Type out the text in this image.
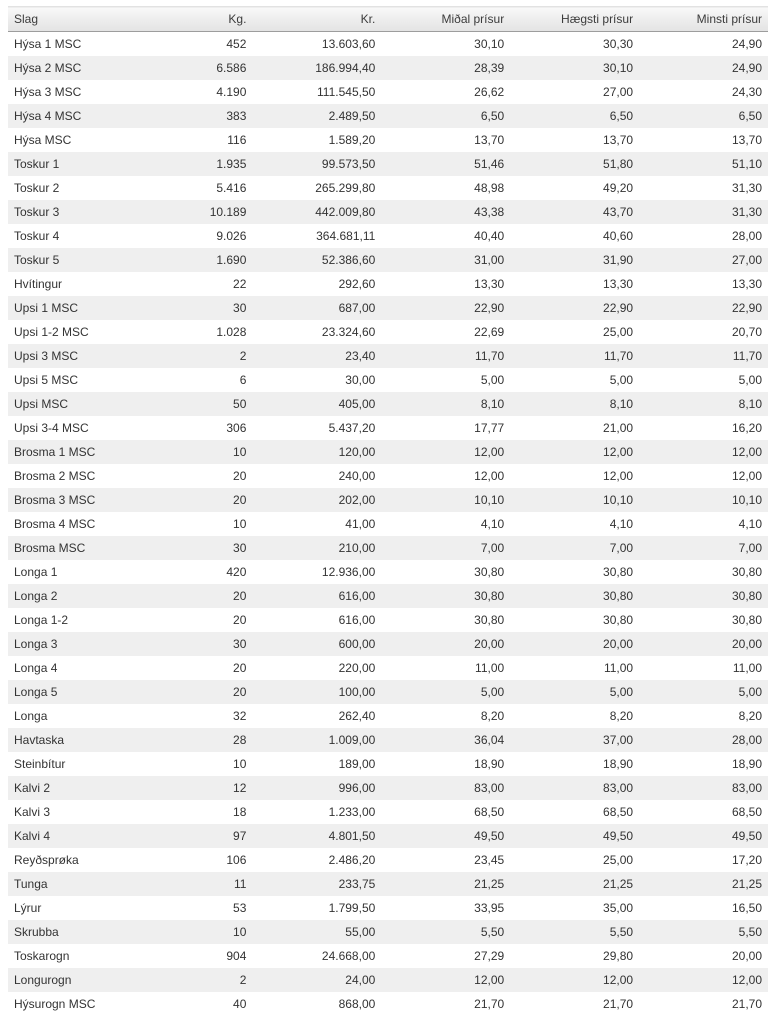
Slag	Kg.	Kr.	Miðal prísur	Hægsti prísur	Minsti prísur
Hýsa 1 MSC	452	13.603,60	30,10	30,30	24,90
Hýsa 2 MSC	6.586	186.994,40	28,39	30,10	24,90
Hýsa 3 MSC	4.190	111.545,50	26,62	27,00	24,30
Hýsa 4 MSC	383	2.489,50	6,50	6,50	6,50
Hýsa MSC	116	1.589,20	13,70	13,70	13,70
Toskur 1	1.935	99.573,50	51,46	51,80	51,10
Toskur 2	5.416	265.299,80	48,98	49,20	31,30
Toskur 3	10.189	442.009,80	43,38	43,70	31,30
Toskur 4	9.026	364.681,11	40,40	40,60	28,00
Toskur 5	1.690	52.386,60	31,00	31,90	27,00
Hvítingur	22	292,60	13,30	13,30	13,30
Upsi 1 MSC	30	687,00	22,90	22,90	22,90
Upsi 1-2 MSC	1.028	23.324,60	22,69	25,00	20,70
Upsi 3 MSC	2	23,40	11,70	11,70	11,70
Upsi 5 MSC	6	30,00	5,00	5,00	5,00
Upsi MSC	50	405,00	8,10	8,10	8,10
Upsi 3-4 MSC	306	5.437,20	17,77	21,00	16,20
Brosma 1 MSC	10	120,00	12,00	12,00	12,00
Brosma 2 MSC	20	240,00	12,00	12,00	12,00
Brosma 3 MSC	20	202,00	10,10	10,10	10,10
Brosma 4 MSC	10	41,00	4,10	4,10	4,10
Brosma MSC	30	210,00	7,00	7,00	7,00
Longa 1	420	12.936,00	30,80	30,80	30,80
Longa 2	20	616,00	30,80	30,80	30,80
Longa 1-2	20	616,00	30,80	30,80	30,80
Longa 3	30	600,00	20,00	20,00	20,00
Longa 4	20	220,00	11,00	11,00	11,00
Longa 5	20	100,00	5,00	5,00	5,00
Longa	32	262,40	8,20	8,20	8,20
Havtaska	28	1.009,00	36,04	37,00	28,00
Steinbítur	10	189,00	18,90	18,90	18,90
Kalvi 2	12	996,00	83,00	83,00	83,00
Kalvi 3	18	1.233,00	68,50	68,50	68,50
Kalvi 4	97	4.801,50	49,50	49,50	49,50
Reyðsprøka	106	2.486,20	23,45	25,00	17,20
Tunga	11	233,75	21,25	21,25	21,25
Lýrur	53	1.799,50	33,95	35,00	16,50
Skrubba	10	55,00	5,50	5,50	5,50
Toskarogn	904	24.668,00	27,29	29,80	20,00
Longurogn	2	24,00	12,00	12,00	12,00
Hýsurogn MSC	40	868,00	21,70	21,70	21,70
